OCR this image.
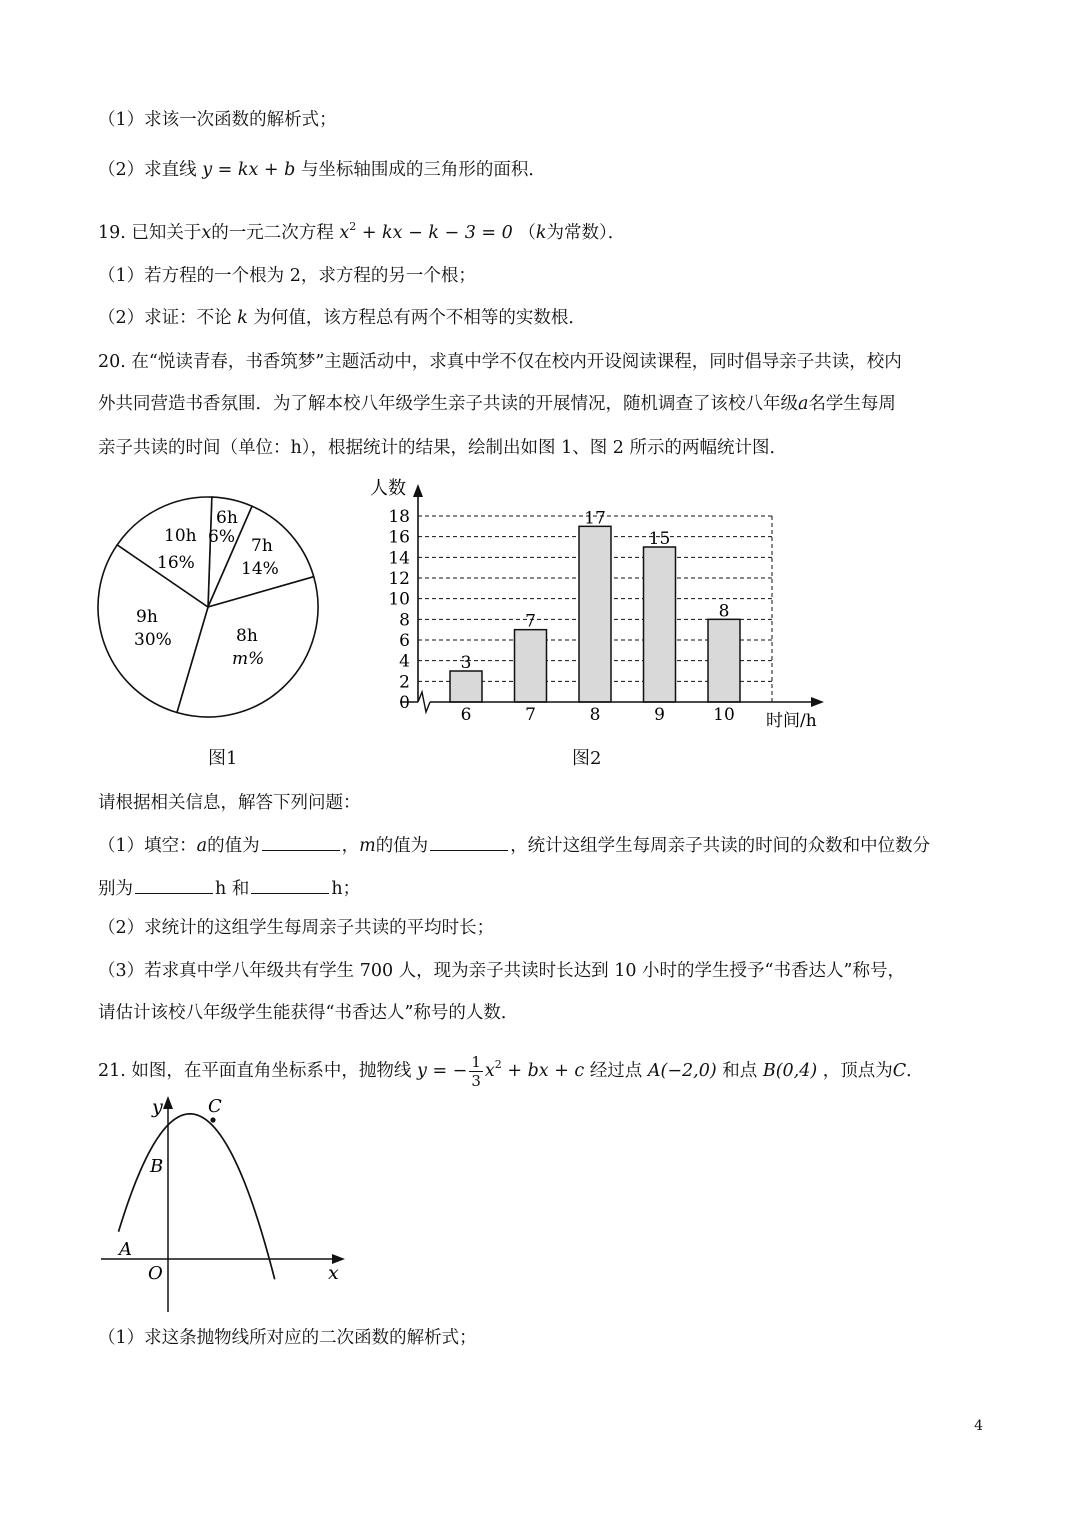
（1）求该一次函数的解析式；
（2）求直线 y = kx + b 与坐标轴围成的三角形的面积．
19. 已知关于x的一元二次方程 $x^2$ + kx − k − 3 = 0 （k为常数）．
（1）若方程的一个根为 2，求方程的另一个根；
（2）求证：不论 k 为何值，该方程总有两个不相等的实数根．
20. 在“悦读青春，书香筑梦”主题活动中，求真中学不仅在校内开设阅读课程，同时倡导亲子共读，校内
外共同营造书香氛围．为了解本校八年级学生亲子共读的开展情况，随机调查了该校八年级a名学生每周
亲子共读的时间（单位：h），根据统计的结果，绘制出如图 1、图 2 所示的两幅统计图．
10h
16%
6h
6% 7h
14%
8h
m%
9h
30%
图1
3
7
17
15
8
0
2
4
6
8
10
12
14
16
18
6	7	8	9	10
人数
时间/h
图2
请根据相关信息，解答下列问题：
（1）填空：a的值为	，m的值为	，统计这组学生每周亲子共读的时间的众数和中位数分
别为	h 和	h；
（2）求统计的这组学生每周亲子共读的平均时长；
（3）若求真中学八年级共有学生 700 人，现为亲子共读时长达到 10 小时的学生授予“书香达人”称号，
请估计该校八年级学生能获得“书香达人”称号的人数．
21. 如图，在平面直角坐标系中，抛物线 y = − $\frac{1}{3} x^2$ + bx + c 经过点 A(−2,0) 和点 B(0,4) ，顶点为C．
y
x
O
A
B
C
（1）求这条抛物线所对应的二次函数的解析式；
4
